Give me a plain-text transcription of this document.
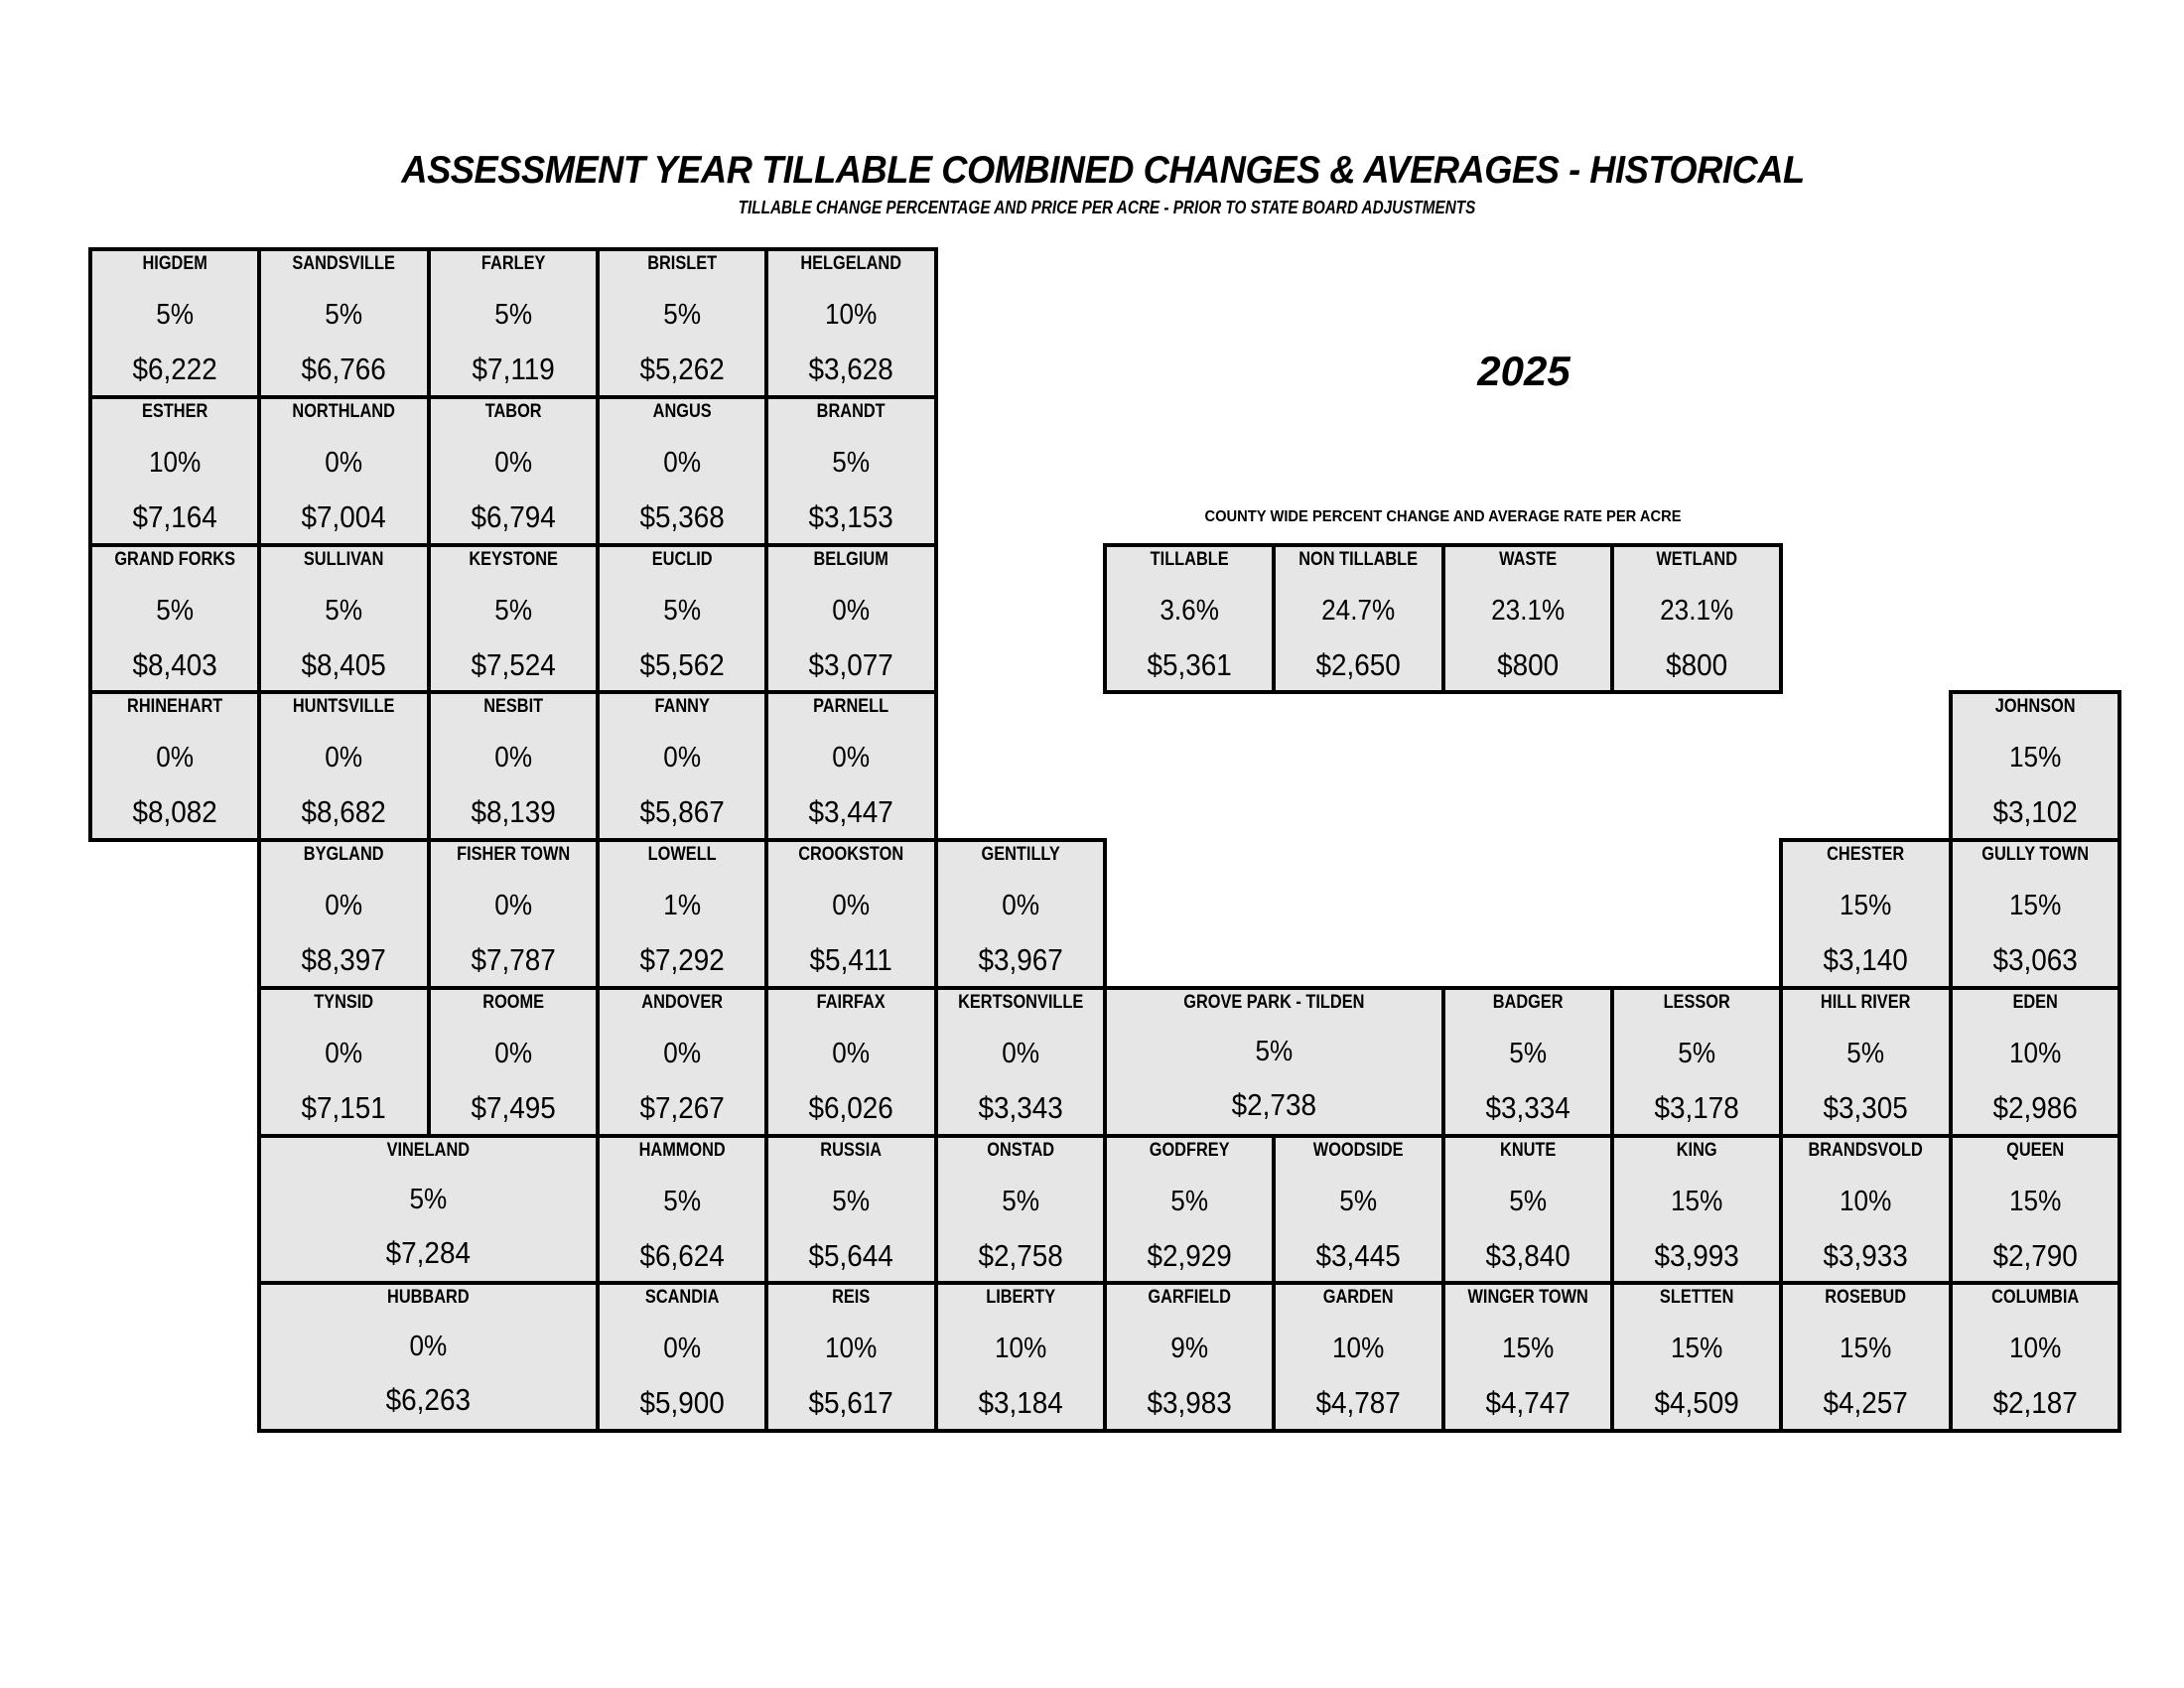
ASSESSMENT YEAR TILLABLE COMBINED CHANGES & AVERAGES - HISTORICAL
TILLABLE CHANGE PERCENTAGE AND PRICE PER ACRE - PRIOR TO STATE BOARD ADJUSTMENTS
2025
COUNTY WIDE PERCENT CHANGE AND AVERAGE RATE PER ACRE
HIGDEM
5%
$6,222
SANDSVILLE
5%
$6,766
FARLEY
5%
$7,119
BRISLET
5%
$5,262
HELGELAND
10%
$3,628
ESTHER
10%
$7,164
NORTHLAND
0%
$7,004
TABOR
0%
$6,794
ANGUS
0%
$5,368
BRANDT
5%
$3,153
GRAND FORKS
5%
$8,403
SULLIVAN
5%
$8,405
KEYSTONE
5%
$7,524
EUCLID
5%
$5,562
BELGIUM
0%
$3,077
RHINEHART
0%
$8,082
HUNTSVILLE
0%
$8,682
NESBIT
0%
$8,139
FANNY
0%
$5,867
PARNELL
0%
$3,447
JOHNSON
15%
$3,102
BYGLAND
0%
$8,397
FISHER TOWN
0%
$7,787
LOWELL
1%
$7,292
CROOKSTON
0%
$5,411
GENTILLY
0%
$3,967
CHESTER
15%
$3,140
GULLY TOWN
15%
$3,063
TYNSID
0%
$7,151
ROOME
0%
$7,495
ANDOVER
0%
$7,267
FAIRFAX
0%
$6,026
KERTSONVILLE
0%
$3,343
GROVE PARK - TILDEN
5%
$2,738
BADGER
5%
$3,334
LESSOR
5%
$3,178
HILL RIVER
5%
$3,305
EDEN
10%
$2,986
VINELAND
5%
$7,284
HAMMOND
5%
$6,624
RUSSIA
5%
$5,644
ONSTAD
5%
$2,758
GODFREY
5%
$2,929
WOODSIDE
5%
$3,445
KNUTE
5%
$3,840
KING
15%
$3,993
BRANDSVOLD
10%
$3,933
QUEEN
15%
$2,790
HUBBARD
0%
$6,263
SCANDIA
0%
$5,900
REIS
10%
$5,617
LIBERTY
10%
$3,184
GARFIELD
9%
$3,983
GARDEN
10%
$4,787
WINGER TOWN
15%
$4,747
SLETTEN
15%
$4,509
ROSEBUD
15%
$4,257
COLUMBIA
10%
$2,187
TILLABLE
3.6%
$5,361
NON TILLABLE
24.7%
$2,650
WASTE
23.1%
$800
WETLAND
23.1%
$800
